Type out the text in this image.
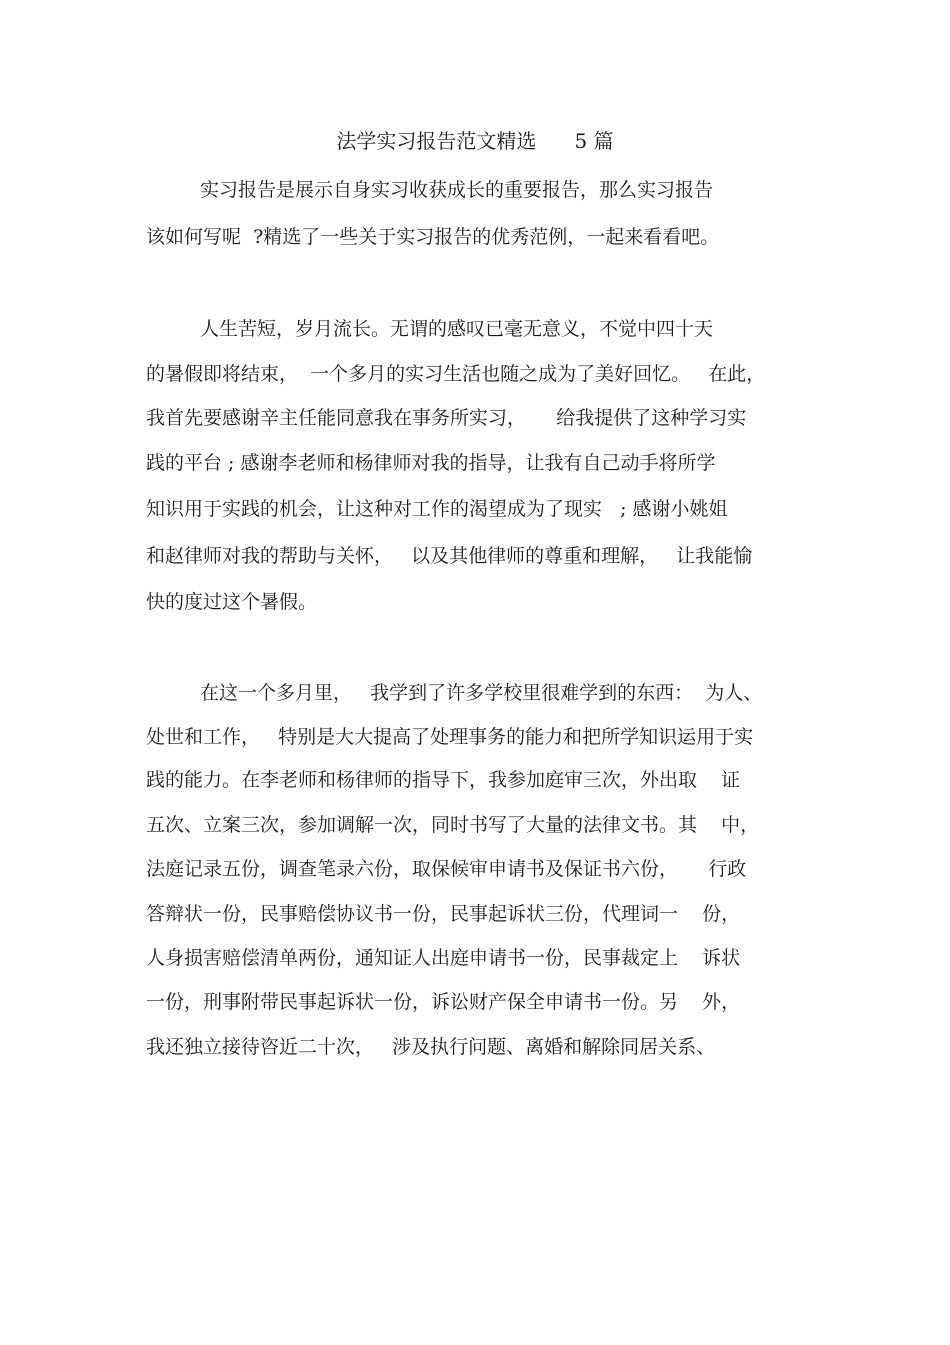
法学实习报告范文精选      5 篇
实习报告是展示自身实习收获成长的重要报告，那么实习报告
该如何写呢  ?精选了一些关于实习报告的优秀范例，一起来看看吧。
人生苦短，岁月流长。无谓的感叹已毫无意义，不觉中四十天
的暑假即将结束，  一个多月的实习生活也随之成为了美好回忆。   在此，
我首先要感谢辛主任能同意我在事务所实习，     给我提供了这种学习实
践的平台 ; 感谢李老师和杨律师对我的指导，让我有自己动手将所学
知识用于实践的机会，让这种对工作的渴望成为了现实   ; 感谢小姚姐
和赵律师对我的帮助与关怀，   以及其他律师的尊重和理解，   让我能愉
快的度过这个暑假。
在这一个多月里，   我学到了许多学校里很难学到的东西：  为人、
处世和工作，   特别是大大提高了处理事务的能力和把所学知识运用于实
践的能力。在李老师和杨律师的指导下，我参加庭审三次，外出取    证
五次、立案三次，参加调解一次，同时书写了大量的法律文书。其    中，
法庭记录五份，调查笔录六份，取保候审申请书及保证书六份，     行政
答辩状一份，民事赔偿协议书一份，民事起诉状三份，代理词一    份，
人身损害赔偿清单两份，通知证人出庭申请书一份，民事裁定上    诉状
一份，刑事附带民事起诉状一份，诉讼财产保全申请书一份。另    外，
我还独立接待咨近二十次，   涉及执行问题、离婚和解除同居关系、
